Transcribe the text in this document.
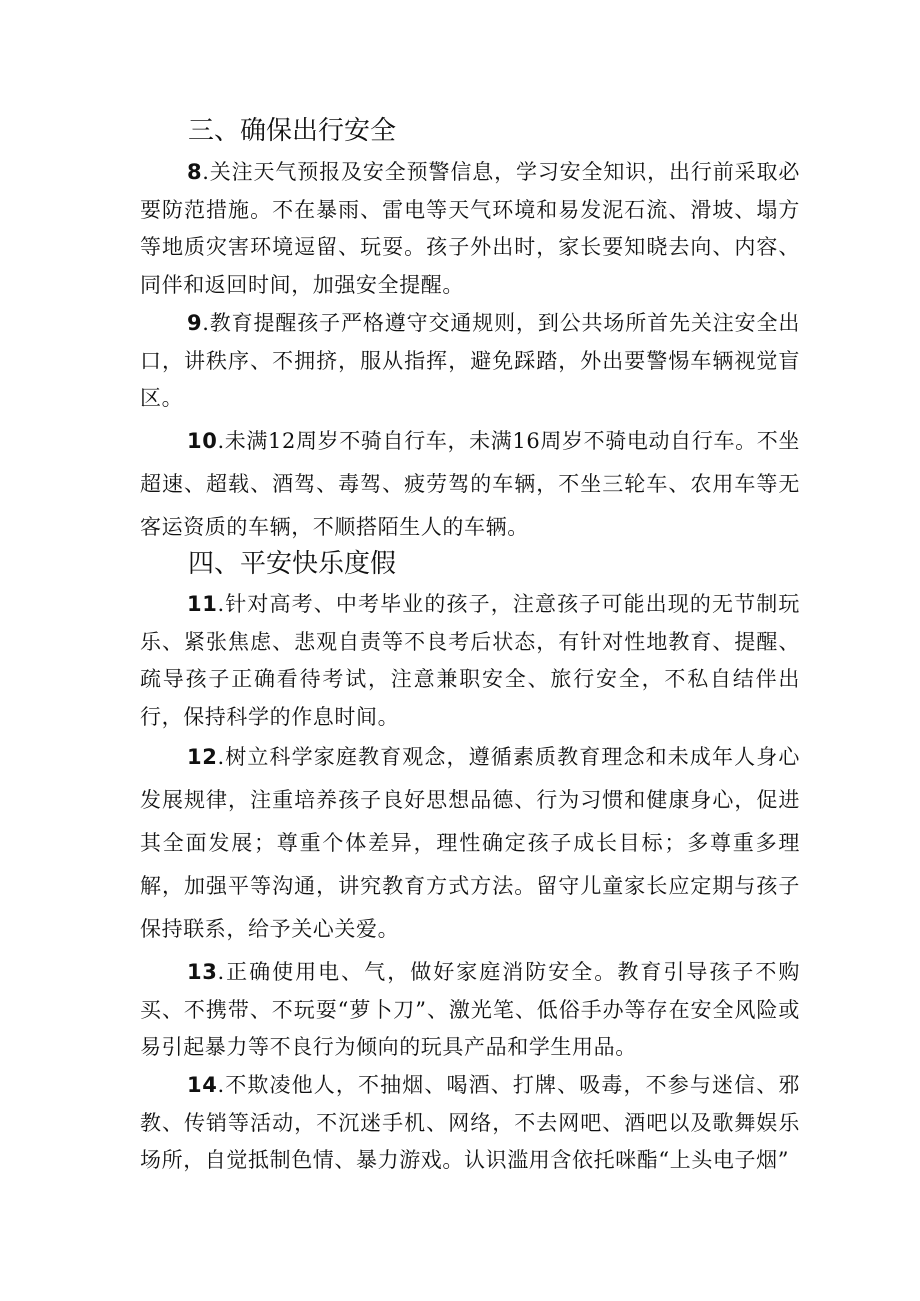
三、确保出行安全

8.关注天气预报及安全预警信息，学习安全知识，出行前采取必要防范措施。不在暴雨、雷电等天气环境和易发泥石流、滑坡、塌方等地质灾害环境逗留、玩耍。孩子外出时，家长要知晓去向、内容、同伴和返回时间，加强安全提醒。

9.教育提醒孩子严格遵守交通规则，到公共场所首先关注安全出口，讲秩序、不拥挤，服从指挥，避免踩踏，外出要警惕车辆视觉盲区。

10.未满12周岁不骑自行车，未满16周岁不骑电动自行车。不坐超速、超载、酒驾、毒驾、疲劳驾的车辆，不坐三轮车、农用车等无客运资质的车辆，不顺搭陌生人的车辆。

四、平安快乐度假

11.针对高考、中考毕业的孩子，注意孩子可能出现的无节制玩乐、紧张焦虑、悲观自责等不良考后状态，有针对性地教育、提醒、疏导孩子正确看待考试，注意兼职安全、旅行安全，不私自结伴出行，保持科学的作息时间。

12.树立科学家庭教育观念，遵循素质教育理念和未成年人身心发展规律，注重培养孩子良好思想品德、行为习惯和健康身心，促进其全面发展；尊重个体差异，理性确定孩子成长目标；多尊重多理解，加强平等沟通，讲究教育方式方法。留守儿童家长应定期与孩子保持联系，给予关心关爱。

13.正确使用电、气，做好家庭消防安全。教育引导孩子不购买、不携带、不玩耍“萝卜刀”、激光笔、低俗手办等存在安全风险或易引起暴力等不良行为倾向的玩具产品和学生用品。

14.不欺凌他人，不抽烟、喝酒、打牌、吸毒，不参与迷信、邪教、传销等活动，不沉迷手机、网络，不去网吧、酒吧以及歌舞娱乐场所，自觉抵制色情、暴力游戏。认识滥用含依托咪酯“上头电子烟”
